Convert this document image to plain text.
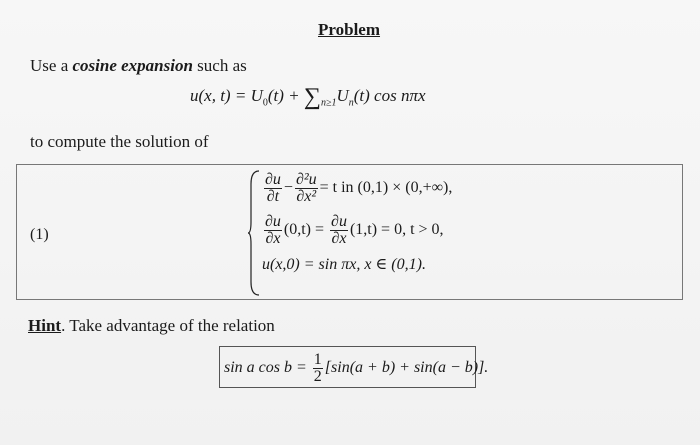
Problem
Use a cosine expansion such as
u(x, $t) = U_0(t) + \sum_{n\ge 1}U_n(t)$ cos nπx
to compute the solution of
(1)
$\frac{\partial u}{\partial t} - \frac{\text{∂²u}}{\text{∂x²}} = t$ in (0,1) × (0,+∞),
$\frac{\partial u}{\partial x} (0,t) = \frac{\partial u}{\partial x} (1,t) = 0$, t > 0,
u(x,0) = sin πx, x ∈ (0,1).
Hint. Take advantage of the relation
sin a $\cos b = \frac{1}{2} [\sin(a + b) + \sin(a - b)]$.
